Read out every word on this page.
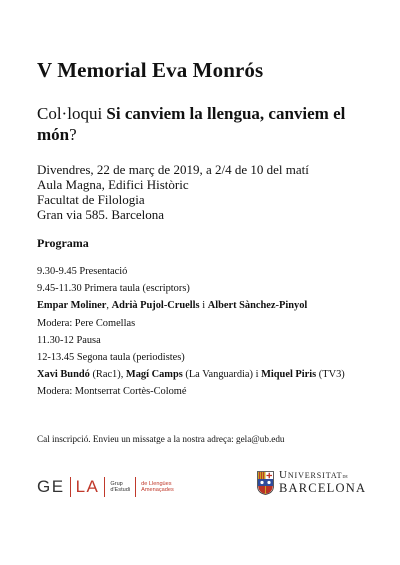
V Memorial Eva Monrós
Col·loqui Si canviem la llengua, canviem el món?
Divendres, 22 de març de 2019, a 2/4 de 10 del matí
Aula Magna, Edifici Històric
Facultat de Filologia
Gran via 585. Barcelona
Programa
9.30-9.45 Presentació
9.45-11.30 Primera taula (escriptors)
Empar Moliner, Adrià Pujol-Cruells i Albert Sànchez-Pinyol
Modera: Pere Comellas
11.30-12 Pausa
12-13.45 Segona taula (periodistes)
Xavi Bundó (Rac1), Magí Camps (La Vanguardia) i Miquel Piris (TV3)
Modera: Montserrat Cortès-Colomé
Cal inscripció. Envieu un missatge a la nostra adreça: gela@ub.edu
GE LA Grup
d'Estudi
de Llengües
Amenaçades
Universitatde
BARCELONA
